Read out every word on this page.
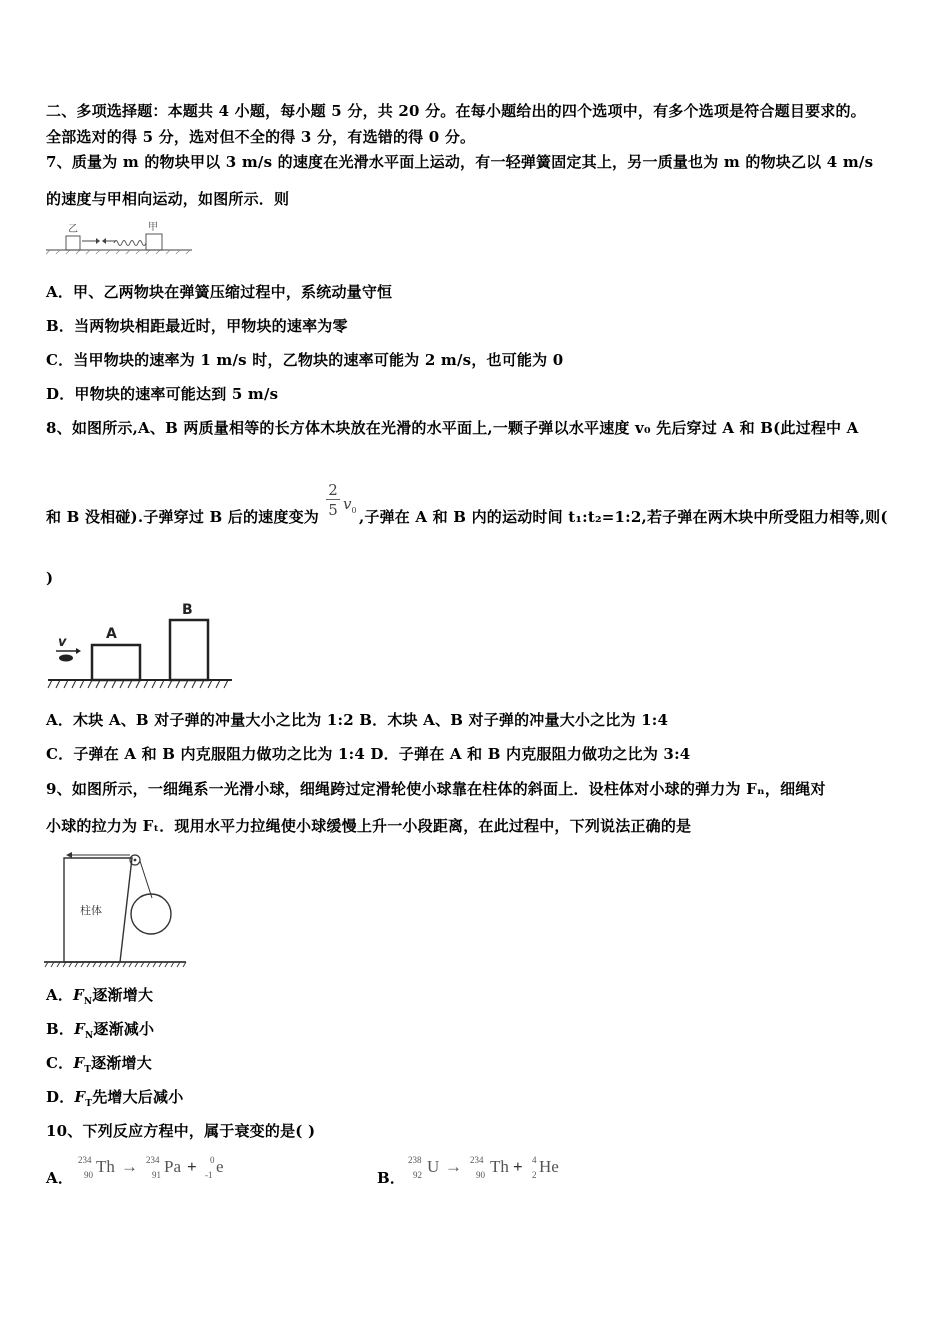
二、多项选择题：本题共 4 小题，每小题 5 分，共 20 分。在每小题给出的四个选项中，有多个选项是符合题目要求的。
全部选对的得 5 分，选对但不全的得 3 分，有选错的得 0 分。
7、质量为 m 的物块甲以 3 m/s 的速度在光滑水平面上运动，有一轻弹簧固定其上，另一质量也为 m 的物块乙以 4 m/s
的速度与甲相向运动，如图所示．则
乙	甲
A．甲、乙两物块在弹簧压缩过程中，系统动量守恒
B．当两物块相距最近时，甲物块的速率为零
C．当甲物块的速率为 1 m/s 时，乙物块的速率可能为 2 m/s，也可能为 0
D．甲物块的速率可能达到 5 m/s
8、如图所示,A、B 两质量相等的长方体木块放在光滑的水平面上,一颗子弹以水平速度 v₀ 先后穿过 A 和 B(此过程中 A
和 B 没相碰).子弹穿过 B 后的速度变为	,子弹在 A 和 B 内的运动时间 t₁:t₂=1:2,若子弹在两木块中所受阻力相等,则(
2
5 $v_0$
)
A
B
v
A．木块 A、B 对子弹的冲量大小之比为 1:2 B．木块 A、B 对子弹的冲量大小之比为 1:4
C．子弹在 A 和 B 内克服阻力做功之比为 1:4 D．子弹在 A 和 B 内克服阻力做功之比为 3:4
9、如图所示，一细绳系一光滑小球，细绳跨过定滑轮使小球靠在柱体的斜面上．设柱体对小球的弹力为 Fₙ，细绳对
小球的拉力为 Fₜ．现用水平力拉绳使小球缓慢上升一小段距离，在此过程中，下列说法正确的是
柱体
A．$F_N$逐渐增大
B．$F_N$逐渐减小
C．$F_T$逐渐增大
D．$F_T$先增大后减小
10、下列反应方程中，属于衰变的是( )
A．
234
90 Th → 234
91 Pa + 0
-1 e
B．
238
92 U → 234
90 Th + 4
2 He
